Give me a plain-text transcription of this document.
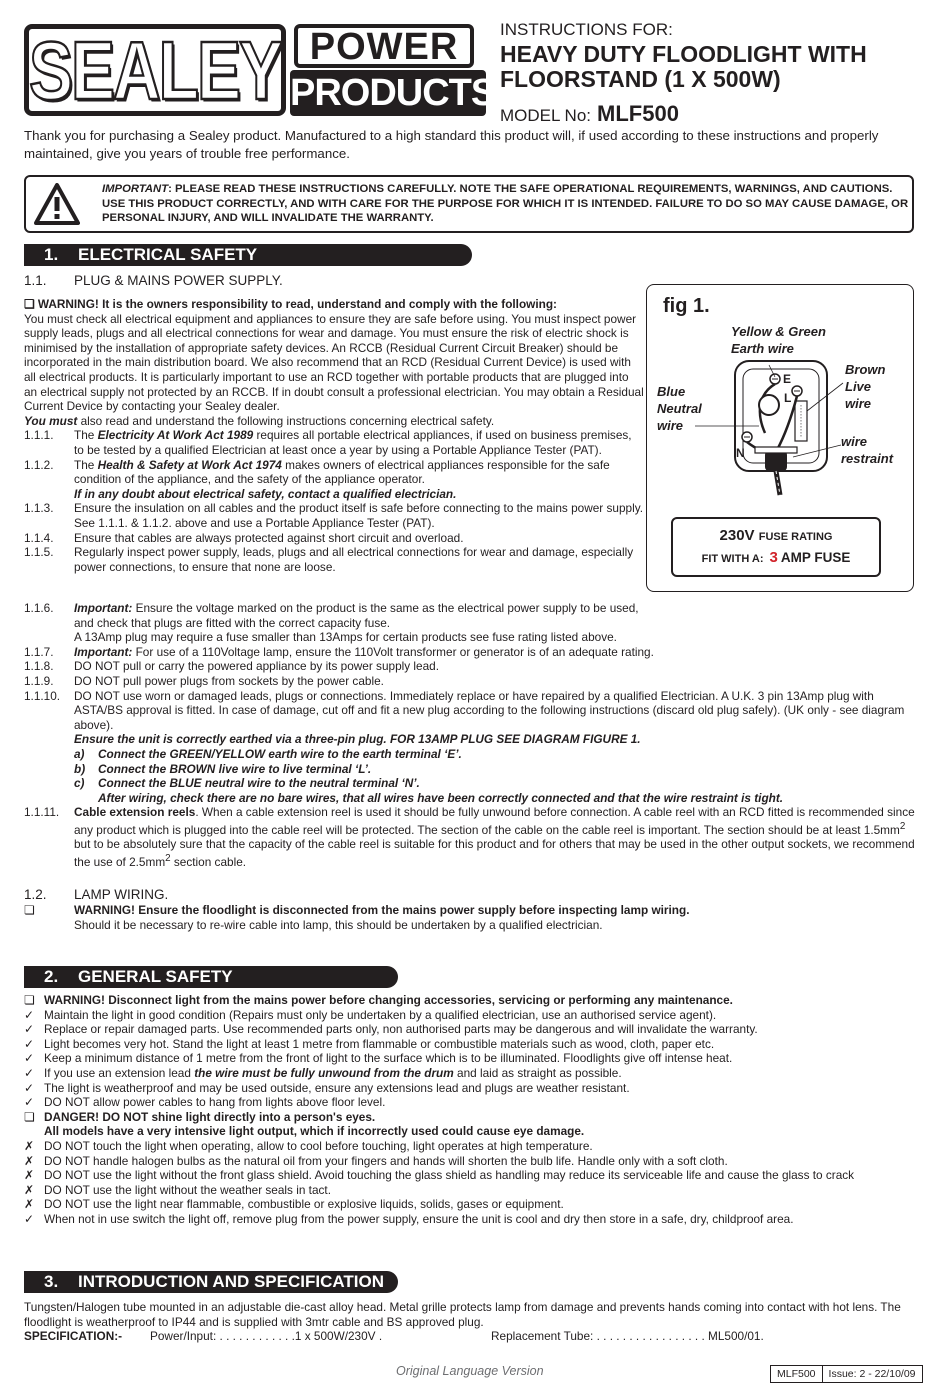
SEALEY POWER
PRODUCTS
INSTRUCTIONS FOR:
HEAVY DUTY FLOODLIGHT WITH
FLOORSTAND (1 X 500W)
MODEL No: MLF500
Thank you for purchasing a Sealey product. Manufactured to a high standard this product will, if used according to these instructions and properly maintained, give you years of trouble free performance.
IMPORTANT: PLEASE READ THESE INSTRUCTIONS CAREFULLY. NOTE THE SAFE OPERATIONAL REQUIREMENTS, WARNINGS, AND CAUTIONS. USE THIS PRODUCT CORRECTLY, AND WITH CARE FOR THE PURPOSE FOR WHICH IT IS INTENDED. FAILURE TO DO SO MAY CAUSE DAMAGE, OR PERSONAL INJURY, AND WILL INVALIDATE THE WARRANTY.
1. ELECTRICAL SAFETY
1.1. PLUG & MAINS POWER SUPPLY.
❏ WARNING! It is the owners responsibility to read, understand and comply with the following:
You must check all electrical equipment and appliances to ensure they are safe before using. You must inspect power supply leads, plugs and all electrical connections for wear and damage. You must ensure the risk of electric shock is minimised by the installation of appropriate safety devices. An RCCB (Residual Current Circuit Breaker) should be incorporated in the main distribution board. We also recommend that an RCD (Residual Current Device) is used with all electrical products. It is particularly important to use an RCD together with portable products that are plugged into an electrical supply not protected by an RCCB. If in doubt consult a professional electrician. You may obtain a Residual Current Device by contacting your Sealey dealer.
You must also read and understand the following instructions concerning electrical safety.
1.1.1. The Electricity At Work Act 1989 requires all portable electrical appliances, if used on business premises, to be tested by a qualified Electrician at least once a year by using a Portable Appliance Tester (PAT).
1.1.2. The Health & Safety at Work Act 1974 makes owners of electrical appliances responsible for the safe condition of the appliance, and the safety of the appliance operator.
If in any doubt about electrical safety, contact a qualified electrician.
1.1.3. Ensure the insulation on all cables and the product itself is safe before connecting to the mains power supply. See 1.1.1. & 1.1.2. above and use a Portable Appliance Tester (PAT).
1.1.4. Ensure that cables are always protected against short circuit and overload.
1.1.5. Regularly inspect power supply, leads, plugs and all electrical connections for wear and damage, especially power connections, to ensure that none are loose.
1.1.6. Important: Ensure the voltage marked on the product is the same as the electrical power supply to be used, and check that plugs are fitted with the correct capacity fuse.
A 13Amp plug may require a fuse smaller than 13Amps for certain products see fuse rating listed above.
1.1.7. Important: For use of a 110Voltage lamp, ensure the 110Volt transformer or generator is of an adequate rating.
1.1.8. DO NOT pull or carry the powered appliance by its power supply lead.
1.1.9. DO NOT pull power plugs from sockets by the power cable.
1.1.10. DO NOT use worn or damaged leads, plugs or connections. Immediately replace or have repaired by a qualified Electrician. A U.K. 3 pin 13Amp plug with ASTA/BS approval is fitted. In case of damage, cut off and fit a new plug according to the following instructions (discard old plug safely). (UK only - see diagram above).
Ensure the unit is correctly earthed via a three-pin plug. FOR 13AMP PLUG SEE DIAGRAM FIGURE 1.
a) Connect the GREEN/YELLOW earth wire to the earth terminal ‘E’.
b) Connect the BROWN live wire to live terminal ‘L’.
c) Connect the BLUE neutral wire to the neutral terminal ‘N’.
After wiring, check there are no bare wires, that all wires have been correctly connected and that the wire restraint is tight.
1.1.11. Cable extension reels. When a cable extension reel is used it should be fully unwound before connection. A cable reel with an RCD fitted is recommended since any product which is plugged into the cable reel will be protected. The section of the cable on the cable reel is important. The section should be at least $1.5mm^2$ but to be absolutely sure that the capacity of the cable reel is suitable for this product and for others that may be used in the other output sockets, we recommend the use of $2.5mm^2$ section cable.
1.2. LAMP WIRING.
❏	WARNING! Ensure the floodlight is disconnected from the mains power supply before inspecting lamp wiring.
Should it be necessary to re-wire cable into lamp, this should be undertaken by a qualified electrician.
fig 1.
Yellow & Green
Earth wire
Brown
Live
wire
Blue
Neutral
wire
wire
restraint
E
L
N
230V FUSE RATING
FIT WITH A: 3 AMP FUSE
2. GENERAL SAFETY
❏ WARNING! Disconnect light from the mains power before changing accessories, servicing or performing any maintenance.
✓ Maintain the light in good condition (Repairs must only be undertaken by a qualified electrician, use an authorised service agent).
✓ Replace or repair damaged parts. Use recommended parts only, non authorised parts may be dangerous and will invalidate the warranty.
✓ Light becomes very hot. Stand the light at least 1 metre from flammable or combustible materials such as wood, cloth, paper etc.
✓ Keep a minimum distance of 1 metre from the front of light to the surface which is to be illuminated. Floodlights give off intense heat.
✓ If you use an extension lead the wire must be fully unwound from the drum and laid as straight as possible.
✓ The light is weatherproof and may be used outside, ensure any extensions lead and plugs are weather resistant.
✓ DO NOT allow power cables to hang from lights above floor level.
❏ DANGER! DO NOT shine light directly into a person's eyes.
All models have a very intensive light output, which if incorrectly used could cause eye damage.
✗ DO NOT touch the light when operating, allow to cool before touching, light operates at high temperature.
✗ DO NOT handle halogen bulbs as the natural oil from your fingers and hands will shorten the bulb life. Handle only with a soft cloth.
✗ DO NOT use the light without the front glass shield. Avoid touching the glass shield as handling may reduce its serviceable life and cause the glass to crack
✗ DO NOT use the light without the weather seals in tact.
✗ DO NOT use the light near flammable, combustible or explosive liquids, solids, gases or equipment.
✓ When not in use switch the light off, remove plug from the power supply, ensure the unit is cool and dry then store in a safe, dry, childproof area.
3. INTRODUCTION AND SPECIFICATION
Tungsten/Halogen tube mounted in an adjustable die-cast alloy head. Metal grille protects lamp from damage and prevents hands coming into contact with hot lens. The floodlight is weatherproof to IP44 and is supplied with 3mtr cable and BS approved plug.
SPECIFICATION:- Power/Input: . . . . . . . . . . . .1 x 500W/230V .	Replacement Tube: . . . . . . . . . . . . . . . . . ML500/01.
Original Language Version	MLF500	Issue: 2 - 22/10/09
